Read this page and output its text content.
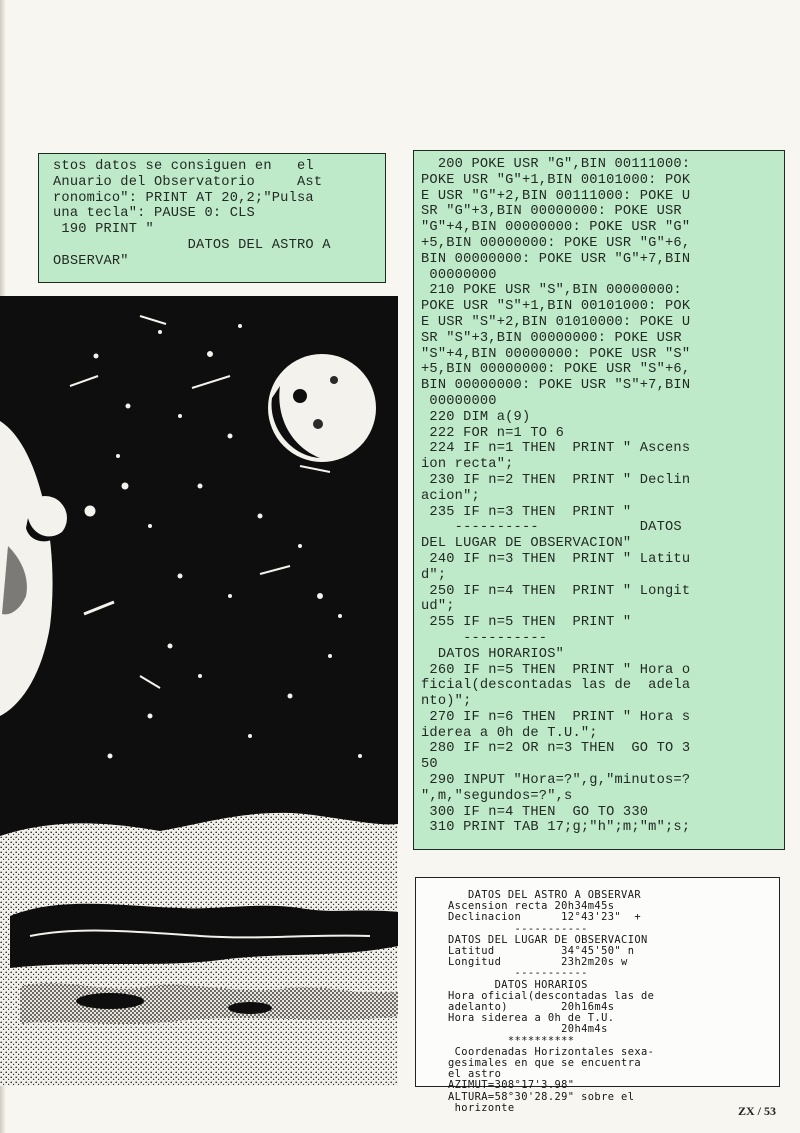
stos datos se consiguen en   el
Anuario del Observatorio     Ast
ronomico": PRINT AT 20,2;"Pulsa
una tecla": PAUSE 0: CLS
190 PRINT "
DATOS DEL ASTRO A
OBSERVAR"
200 POKE USR "G",BIN 00111000:
POKE USR "G"+1,BIN 00101000: POK
E USR "G"+2,BIN 00111000: POKE U
SR "G"+3,BIN 00000000: POKE USR
"G"+4,BIN 00000000: POKE USR "G"
+5,BIN 00000000: POKE USR "G"+6,
BIN 00000000: POKE USR "G"+7,BIN
00000000
210 POKE USR "S",BIN 00000000:
POKE USR "S"+1,BIN 00101000: POK
E USR "S"+2,BIN 01010000: POKE U
SR "S"+3,BIN 00000000: POKE USR
"S"+4,BIN 00000000: POKE USR "S"
+5,BIN 00000000: POKE USR "S"+6,
BIN 00000000: POKE USR "S"+7,BIN
00000000
220 DIM a(9)
222 FOR n=1 TO 6
224 IF n=1 THEN  PRINT " Ascens
ion recta";
230 IF n=2 THEN  PRINT " Declin
acion";
235 IF n=3 THEN  PRINT "
----------            DATOS
DEL LUGAR DE OBSERVACION"
240 IF n=3 THEN  PRINT " Latitu
d";
250 IF n=4 THEN  PRINT " Longit
ud";
255 IF n=5 THEN  PRINT "
----------
DATOS HORARIOS"
260 IF n=5 THEN  PRINT " Hora o
ficial(descontadas las de  adela
nto)";
270 IF n=6 THEN  PRINT " Hora s
iderea a 0h de T.U.";
280 IF n=2 OR n=3 THEN  GO TO 3
50
290 INPUT "Hora=?",g,"minutos=?
",m,"segundos=?",s
300 IF n=4 THEN  GO TO 330
310 PRINT TAB 17;g;"h";m;"m";s;
DATOS DEL ASTRO A OBSERVAR
Ascension recta 20h34m45s
Declinacion      12°43'23"  +
-----------
DATOS DEL LUGAR DE OBSERVACION
Latitud          34°45'50" n
Longitud         23h2m20s w
-----------
DATOS HORARIOS
Hora oficial(descontadas las de
adelanto)        20h16m4s
Hora siderea a 0h de T.U.
20h4m4s
**********
Coordenadas Horizontales sexa-
gesimales en que se encuentra
el astro
AZIMUT=308°17'3.98"
ALTURA=58°30'28.29" sobre el
horizonte	ZX / 53
